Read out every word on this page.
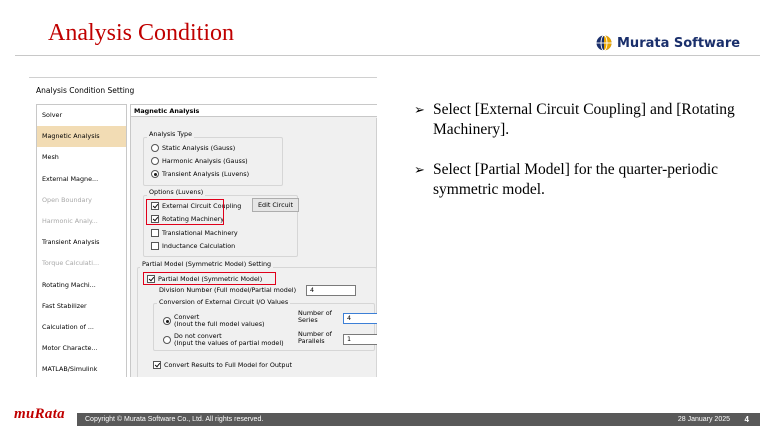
Analysis Condition	Murata Software
Analysis Condition Setting
Solver
Magnetic Analysis
Mesh
External Magne...
Open Boundary
Harmonic Analy...
Transient Analysis
Torque Calculati...
Rotating Machi...
Fast Stabilizer
Calculation of ...
Motor Characte...
MATLAB/Simulink
Magnetic Analysis
Analysis Type
Static Analysis (Gauss)
Harmonic Analysis (Gauss)
Transient Analysis (Luvens)
Options (Luvens)
External Circuit Coupling
Rotating Machinery
Edit Circuit
Translational Machinery
Inductance Calculation
Partial Model (Symmetric Model) Setting
Partial Model (Symmetric Model)
Division Number (Full model/Partial model)	4
Conversion of External Circuit I/O Values
Convert
(Inout the full model values)
Do not convert
(Input the values of partial model)
Number of
Series	4
Number of
Parallels	1
Convert Results to Full Model for Output
➢ Select [External Circuit Coupling] and [Rotating Machinery].
➢ Select [Partial Model] for the quarter-periodic symmetric model.
muRata	Copyright © Murata Software Co., Ltd. All rights reserved.	28 January 2025 4
